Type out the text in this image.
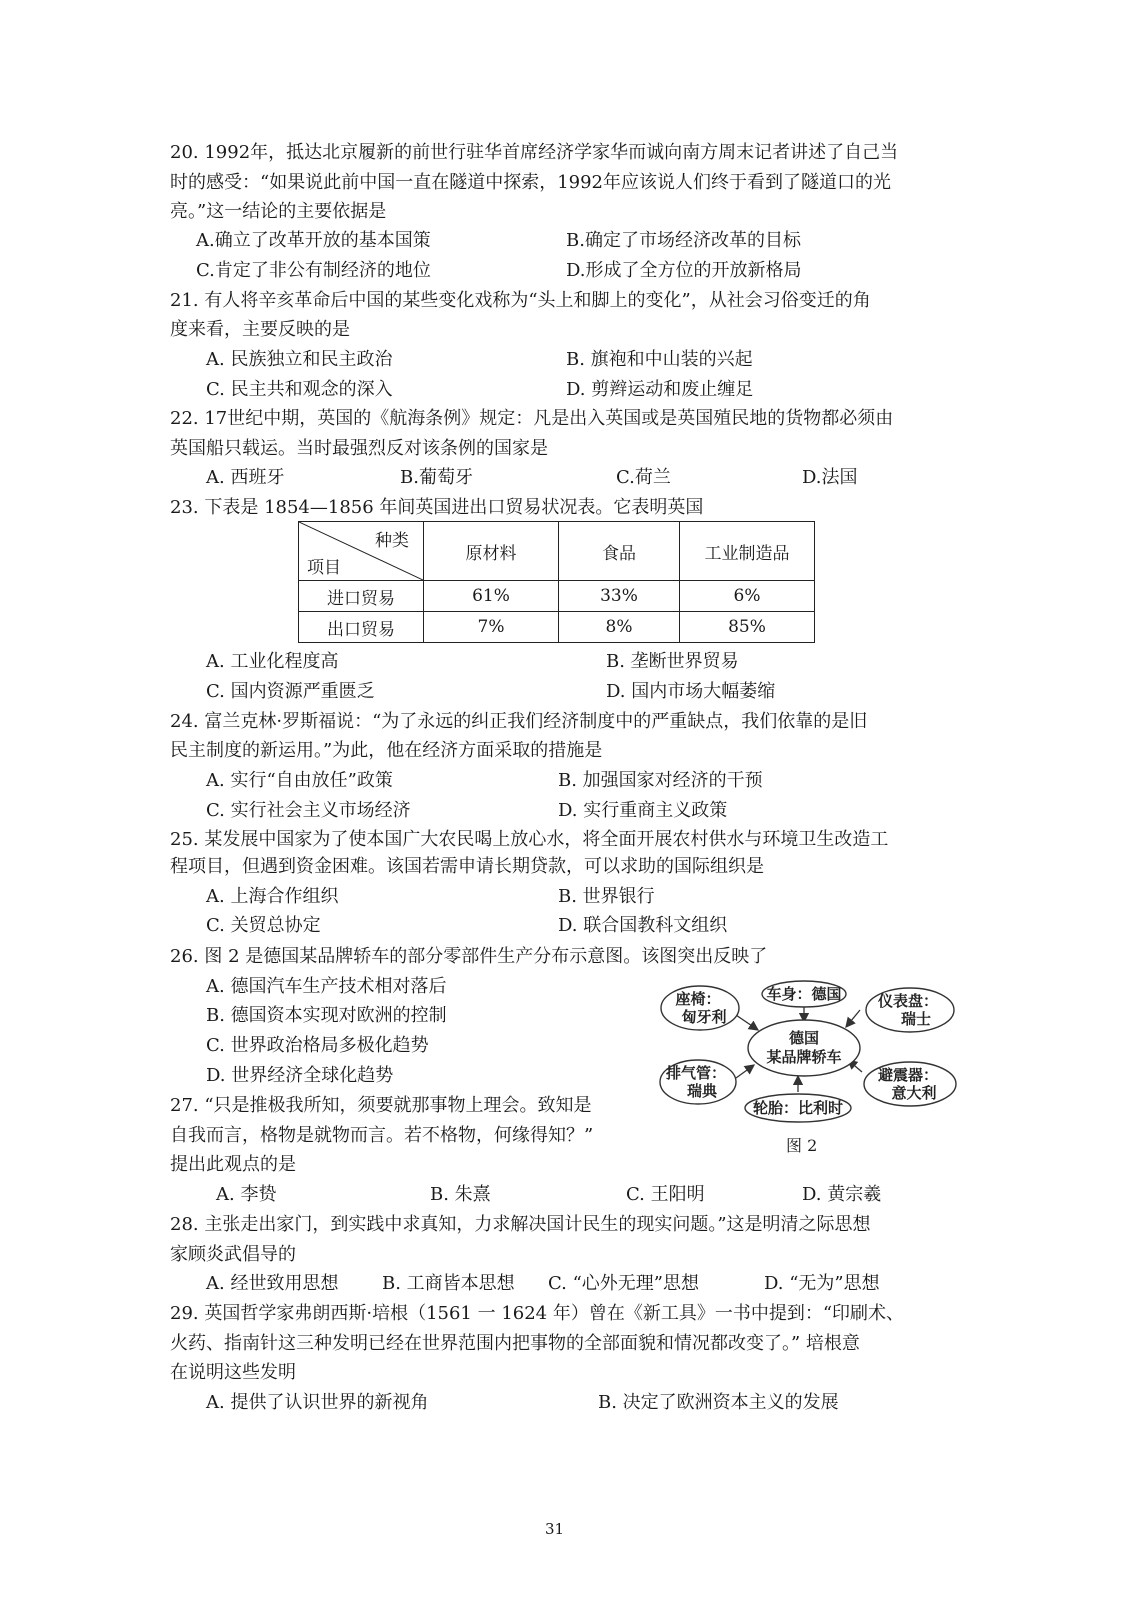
20. 1992年，抵达北京履新的前世行驻华首席经济学家华而诚向南方周末记者讲述了自己当
时的感受：“如果说此前中国一直在隧道中探索，1992年应该说人们终于看到了隧道口的光
亮。”这一结论的主要依据是
A.确立了改革开放的基本国策	B.确定了市场经济改革的目标
C.肯定了非公有制经济的地位	D.形成了全方位的开放新格局
21. 有人将辛亥革命后中国的某些变化戏称为“头上和脚上的变化”，从社会习俗变迁的角
度来看，主要反映的是
A. 民族独立和民主政治	B. 旗袍和中山装的兴起
C. 民主共和观念的深入	D. 剪辫运动和废止缠足
22. 17世纪中期，英国的《航海条例》规定：凡是出入英国或是英国殖民地的货物都必须由
英国船只载运。当时最强烈反对该条例的国家是
A. 西班牙	B.葡萄牙	C.荷兰	D.法国
23. 下表是 1854—1856 年间英国进出口贸易状况表。它表明英国
种类
项目	原材料	食品	工业制造品
进口贸易	61%	33%	6%
出口贸易	7%	8%	85%
A. 工业化程度高	B. 垄断世界贸易
C. 国内资源严重匮乏	D. 国内市场大幅萎缩
24. 富兰克林·罗斯福说：“为了永远的纠正我们经济制度中的严重缺点，我们依靠的是旧
民主制度的新运用。”为此，他在经济方面采取的措施是
A. 实行“自由放任”政策	B. 加强国家对经济的干预
C. 实行社会主义市场经济	D. 实行重商主义政策
25. 某发展中国家为了使本国广大农民喝上放心水，将全面开展农村供水与环境卫生改造工
程项目，但遇到资金困难。该国若需申请长期贷款，可以求助的国际组织是
A. 上海合作组织	B. 世界银行
C. 关贸总协定	D. 联合国教科文组织
26. 图 2 是德国某品牌轿车的部分零部件生产分布示意图。该图突出反映了
A. 德国汽车生产技术相对落后
B. 德国资本实现对欧洲的控制
C. 世界政治格局多极化趋势
D. 世界经济全球化趋势
德国
某品牌轿车
座椅：
匈牙利
车身：德国 仪表盘：
瑞士
排气管：
瑞典
轮胎：比利时
避震器：
意大利
图 2
27. “只是推极我所知，须要就那事物上理会。致知是
自我而言，格物是就物而言。若不格物，何缘得知？”
提出此观点的是
A. 李贽	B. 朱熹	C. 王阳明	D. 黄宗羲
28. 主张走出家门，到实践中求真知，力求解决国计民生的现实问题。”这是明清之际思想
家顾炎武倡导的
A. 经世致用思想 B. 工商皆本思想 C. “心外无理”思想	D. “无为”思想
29. 英国哲学家弗朗西斯·培根（1561 一 1624 年）曾在《新工具》一书中提到：“印刷术、
火药、指南针这三种发明已经在世界范围内把事物的全部面貌和情况都改变了。” 培根意
在说明这些发明
A. 提供了认识世界的新视角	B. 决定了欧洲资本主义的发展
31
